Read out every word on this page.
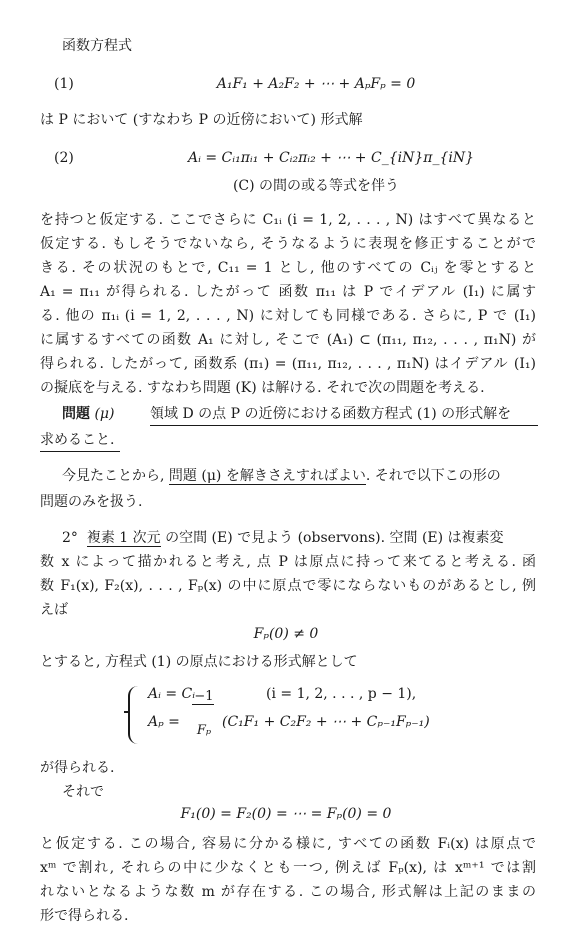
函数方程式
(1)	A₁F₁ + A₂F₂ + ⋯ + AₚFₚ = 0
は P において (すなわち P の近傍において) 形式解
(2)	Aᵢ = Cᵢ₁πᵢ₁ + Cᵢ₂πᵢ₂ + ⋯ + C_{iN}π_{iN}
(C) の間の或る等式を伴う
を持つと仮定する. ここでさらに C₁ᵢ (i = 1, 2, . . . , N) はすべて異なると
仮定する. もしそうでないなら, そうなるように表現を修正することがで
きる. その状況のもとで, C₁₁ = 1 とし, 他のすべての Cᵢⱼ を零とすると
A₁ = π₁₁ が得られる. したがって 函数 π₁₁ は P でイデアル (I₁) に属す
る. 他の π₁ᵢ (i = 1, 2, . . . , N) に対しても同様である. さらに, P で (I₁)
に属するすべての函数 A₁ に対し, そこで (A₁) ⊂ (π₁₁, π₁₂, . . . , π₁N) が
得られる. したがって, 函数系 (π₁) = (π₁₁, π₁₂, . . . , π₁N) はイデアル (I₁)
の擬底を与える. すなわち問題 (K) は解ける. それで次の問題を考える.
問題 (μ)	領域 D の点 P の近傍における函数方程式 (1) の形式解を
求めること.
今見たことから, 問題 (μ) を解きさえすればよい. それで以下この形の
問題のみを扱う.
2° 複素 1 次元 の空間 (E) で見よう (observons). 空間 (E) は複素変
数 x によって描かれると考え, 点 P は原点に持って来てると考える. 函
数 F₁(x), F₂(x), . . . , Fₚ(x) の中に原点で零にならないものがあるとし, 例
えば
Fₚ(0) ≠ 0
とすると, 方程式 (1) の原点における形式解として
Aᵢ = Cᵢ	(i = 1, 2, . . . , p − 1),
−1
Aₚ =	(C₁F₁ + C₂F₂ + ⋯ + Cₚ₋₁Fₚ₋₁)
Fₚ
が得られる.
それで
F₁(0) = F₂(0) = ⋯ = Fₚ(0) = 0
と仮定する. この場合, 容易に分かる様に, すべての函数 Fᵢ(x) は原点で
xᵐ で割れ, それらの中に少なくとも一つ, 例えば Fₚ(x), は xᵐ⁺¹ では割
れないとなるような数 m が存在する. この場合, 形式解は上記のままの
形で得られる.
